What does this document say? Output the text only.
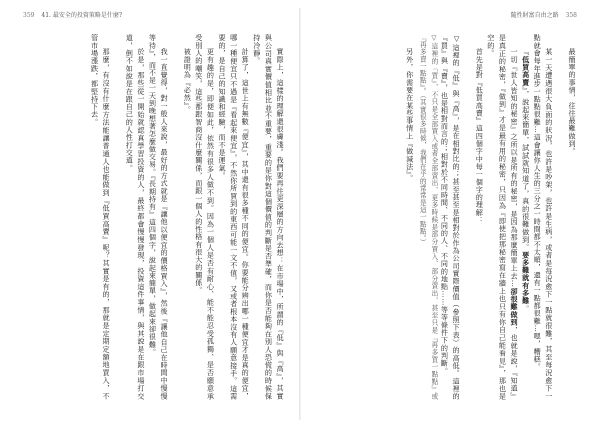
359 41. 最安全的投資策略是什麼?	隨性財富自由之路 358

最簡單的事情，往往最難做到。

某一天遭遇很大負面的狀況，也許是吵架，也許是生病，或者是每況愈下一點就很難，其至每況愈下一點就會每年進步一點點很難…這會讓你人生的三分之一時間都不太順，還有一點都很難…嗯，糟糕。

『低買高賣』，說起來簡單，試試就知道了，真的很難做到。要多難就有多難。

一切『世人皆知的秘密』之所以是所有的秘密，是因為那麼簡單上去…卻很難做到，也就是說，『知道』是真正的秘密，『做到』才是最有用的秘密，只因為『即使把那秘密寫在牆上也只有你自己能看見』，那也是空的。

首先是對『低買高賣』這四個字中每一個字的理解：

▽這裡的『低』與『高』，是在相對比的；甚至甚至是相對於作為公司實際價值（參照下表）的高低。這裡的『買』與『賣』，也是相對而言的；相對於不同時間、不同的人、不同的地點……等等條件下的判斷。

▽這裡的『買』，不只是全部買入或者全部賣出，更多時候是部分買入、部分賣出，甚至只是『再多買一點點』或『再多賣一點點』。（其實很多時候，我們在乎的常常是這一點點。）

另外，你需要在某些事情上『做減法』。

實際上，這樣的理解還很膚淺。我們要再往更深層的方向去想：在市場中，所謂的『低』與『高』，其實與公司真實價值相比並不重要，重要的是你對這個價值的判斷是否準確，而你是否能夠在別人恐慌的時候保持冷靜。

計算了，這世上有無數『便宜』，其中還有很多種不同的便宜。你要能分辨出哪一種便宜才是真的便宜，哪一種便宜只不過是『看起來便宜』，不然你所買到的東西可能一文不值，又或者根本沒有人願意接手。這需要的，是自己的知識和經驗，而不是運氣。

更有趣的是，即便如此，依然有很多人做不到。因為一個人是否有耐心、能不能忍受孤獨、是否願意承受別人的嘲笑，這些都跟智商沒什麼關係，而跟一個人的性格有很大的關係。

被證明為『必然』。

我一直覺得，對一般人來說，最好的方式就是『讓他以便宜的價格買入』，然後『讓他自己在時間中慢慢等待』，而不是一天到晚想著怎麼做交易。『長期持有』這四個字，說起來簡單，做起來卻很難。

於是，那些從一開始就認真學習投資的人，最終都會慢慢發現，投資這件事情，與其說是在跟市場打交道，倒不如說是在跟自己的人性打交道。

那麼，有沒有什麼方法能讓普通人也能做到『低買高賣』呢？其實是有的，那就是定期定額地買入，不管市場漲跌，都堅持下去。
